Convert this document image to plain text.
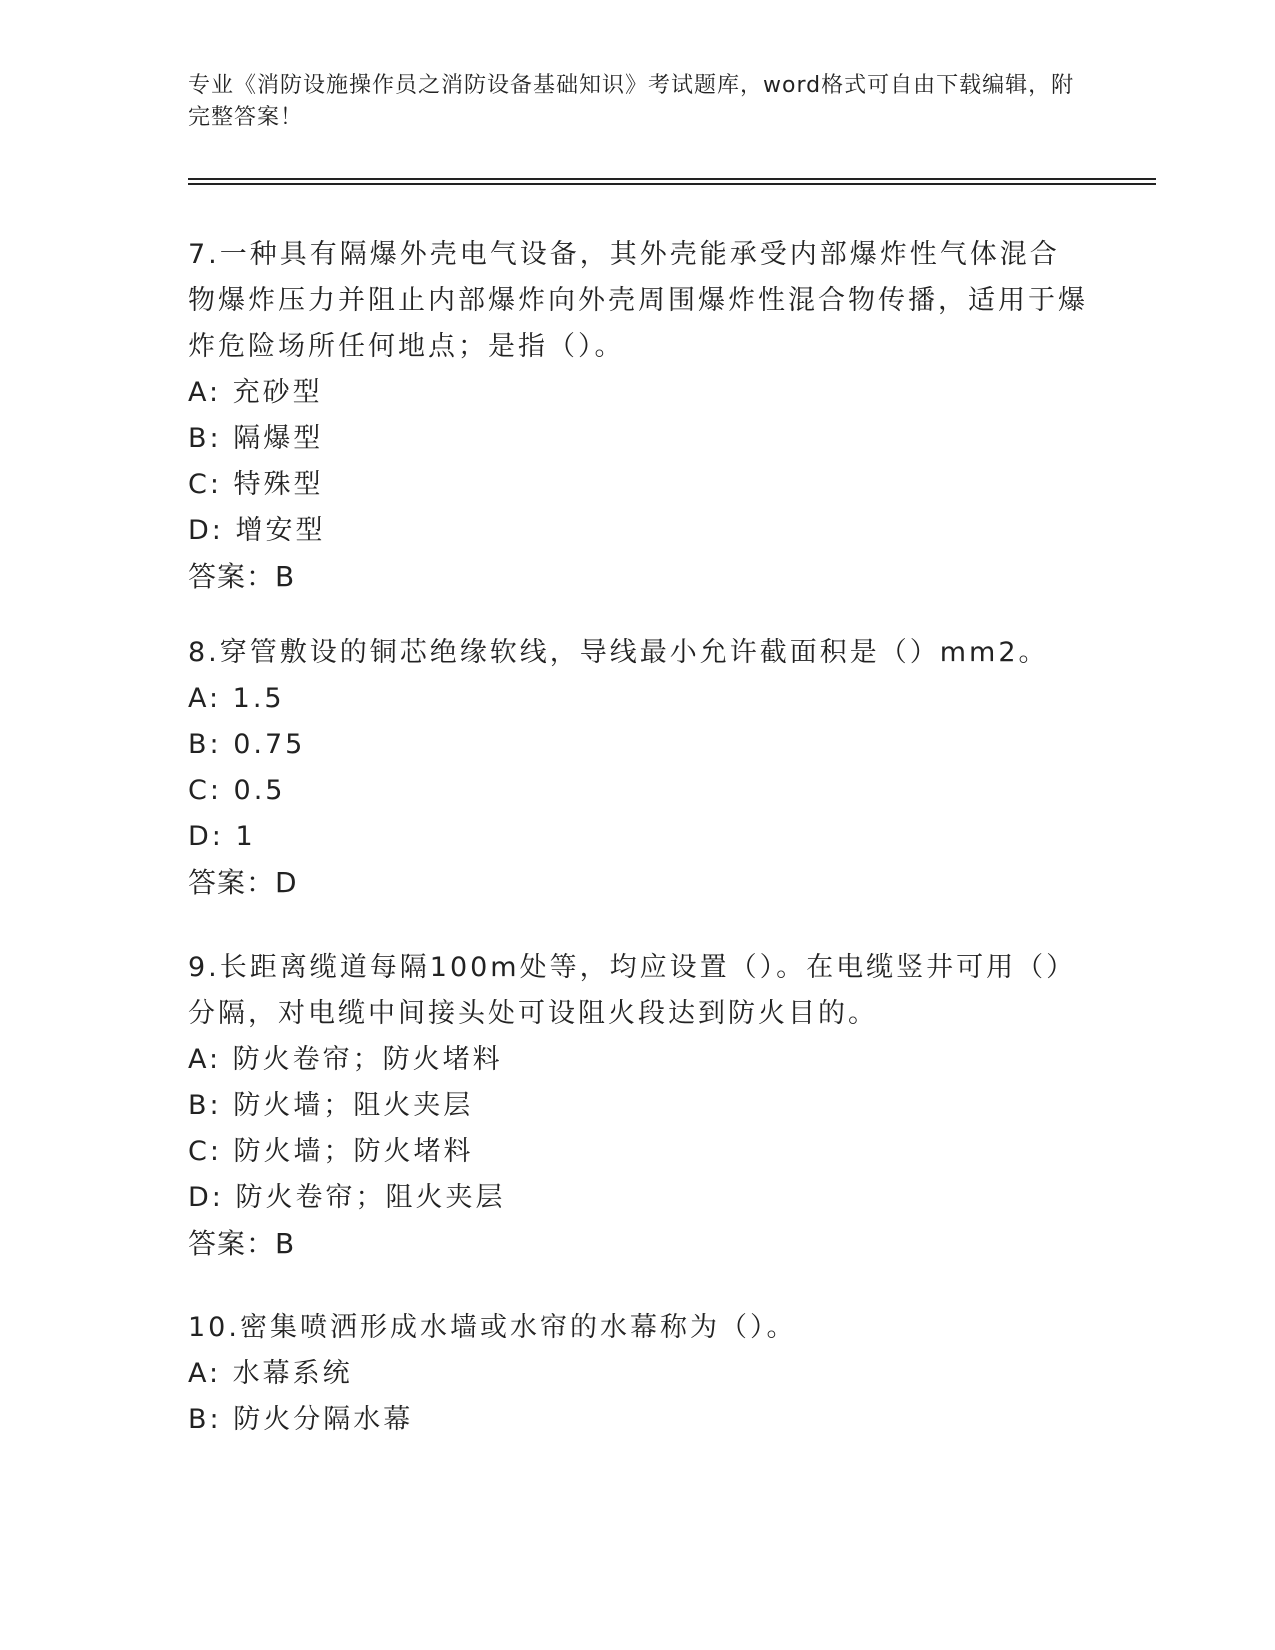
专业《消防设施操作员之消防设备基础知识》考试题库，word格式可自由下载编辑，附完整答案！

7.一种具有隔爆外壳电气设备，其外壳能承受内部爆炸性气体混合物爆炸压力并阻止内部爆炸向外壳周围爆炸性混合物传播，适用于爆炸危险场所任何地点；是指（）。

A: 充砂型

B: 隔爆型

C: 特殊型

D: 增安型

答案：B

8.穿管敷设的铜芯绝缘软线，导线最小允许截面积是（）mm2。

A: 1.5

B: 0.75

C: 0.5

D: 1

答案：D

9.长距离缆道每隔100m处等，均应设置（）。在电缆竖井可用（）分隔，对电缆中间接头处可设阻火段达到防火目的。

A: 防火卷帘；防火堵料

B: 防火墙；阻火夹层

C: 防火墙；防火堵料

D: 防火卷帘；阻火夹层

答案：B

10.密集喷洒形成水墙或水帘的水幕称为（）。

A: 水幕系统

B: 防火分隔水幕
